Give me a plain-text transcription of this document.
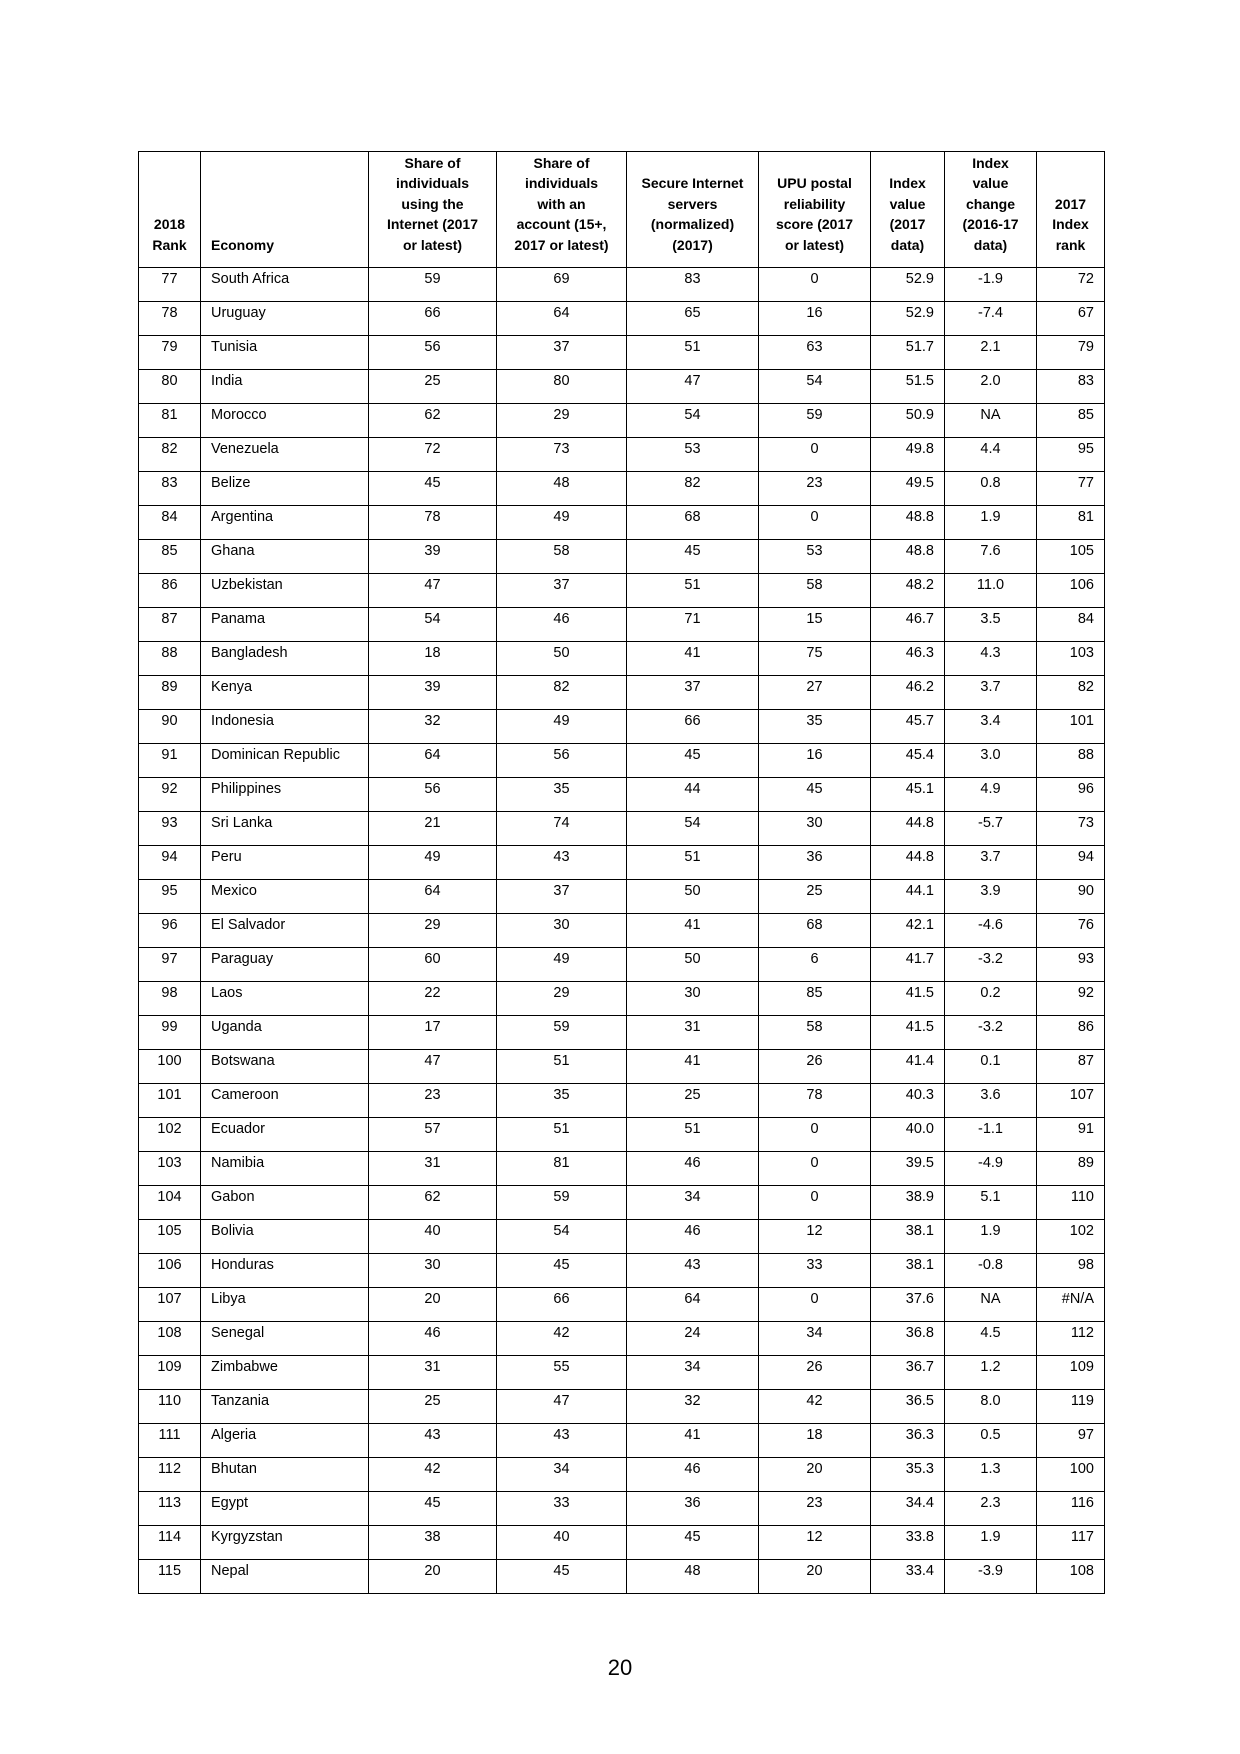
2018
Rank	Economy	Share of
individuals
using the
Internet (2017
or latest)	Share of
individuals
with an
account (15+,
2017 or latest)	Secure Internet
servers
(normalized)
(2017)	UPU postal
reliability
score (2017
or latest)	Index
value
(2017
data)	Index
value
change
(2016-17
data)	2017
Index
rank
77	South Africa	59	69	83	0	52.9	-1.9	72
78	Uruguay	66	64	65	16	52.9	-7.4	67
79	Tunisia	56	37	51	63	51.7	2.1	79
80	India	25	80	47	54	51.5	2.0	83
81	Morocco	62	29	54	59	50.9	NA	85
82	Venezuela	72	73	53	0	49.8	4.4	95
83	Belize	45	48	82	23	49.5	0.8	77
84	Argentina	78	49	68	0	48.8	1.9	81
85	Ghana	39	58	45	53	48.8	7.6	105
86	Uzbekistan	47	37	51	58	48.2	11.0	106
87	Panama	54	46	71	15	46.7	3.5	84
88	Bangladesh	18	50	41	75	46.3	4.3	103
89	Kenya	39	82	37	27	46.2	3.7	82
90	Indonesia	32	49	66	35	45.7	3.4	101
91	Dominican Republic	64	56	45	16	45.4	3.0	88
92	Philippines	56	35	44	45	45.1	4.9	96
93	Sri Lanka	21	74	54	30	44.8	-5.7	73
94	Peru	49	43	51	36	44.8	3.7	94
95	Mexico	64	37	50	25	44.1	3.9	90
96	El Salvador	29	30	41	68	42.1	-4.6	76
97	Paraguay	60	49	50	6	41.7	-3.2	93
98	Laos	22	29	30	85	41.5	0.2	92
99	Uganda	17	59	31	58	41.5	-3.2	86
100	Botswana	47	51	41	26	41.4	0.1	87
101	Cameroon	23	35	25	78	40.3	3.6	107
102	Ecuador	57	51	51	0	40.0	-1.1	91
103	Namibia	31	81	46	0	39.5	-4.9	89
104	Gabon	62	59	34	0	38.9	5.1	110
105	Bolivia	40	54	46	12	38.1	1.9	102
106	Honduras	30	45	43	33	38.1	-0.8	98
107	Libya	20	66	64	0	37.6	NA	#N/A
108	Senegal	46	42	24	34	36.8	4.5	112
109	Zimbabwe	31	55	34	26	36.7	1.2	109
110	Tanzania	25	47	32	42	36.5	8.0	119
111	Algeria	43	43	41	18	36.3	0.5	97
112	Bhutan	42	34	46	20	35.3	1.3	100
113	Egypt	45	33	36	23	34.4	2.3	116
114	Kyrgyzstan	38	40	45	12	33.8	1.9	117
115	Nepal	20	45	48	20	33.4	-3.9	108
20
